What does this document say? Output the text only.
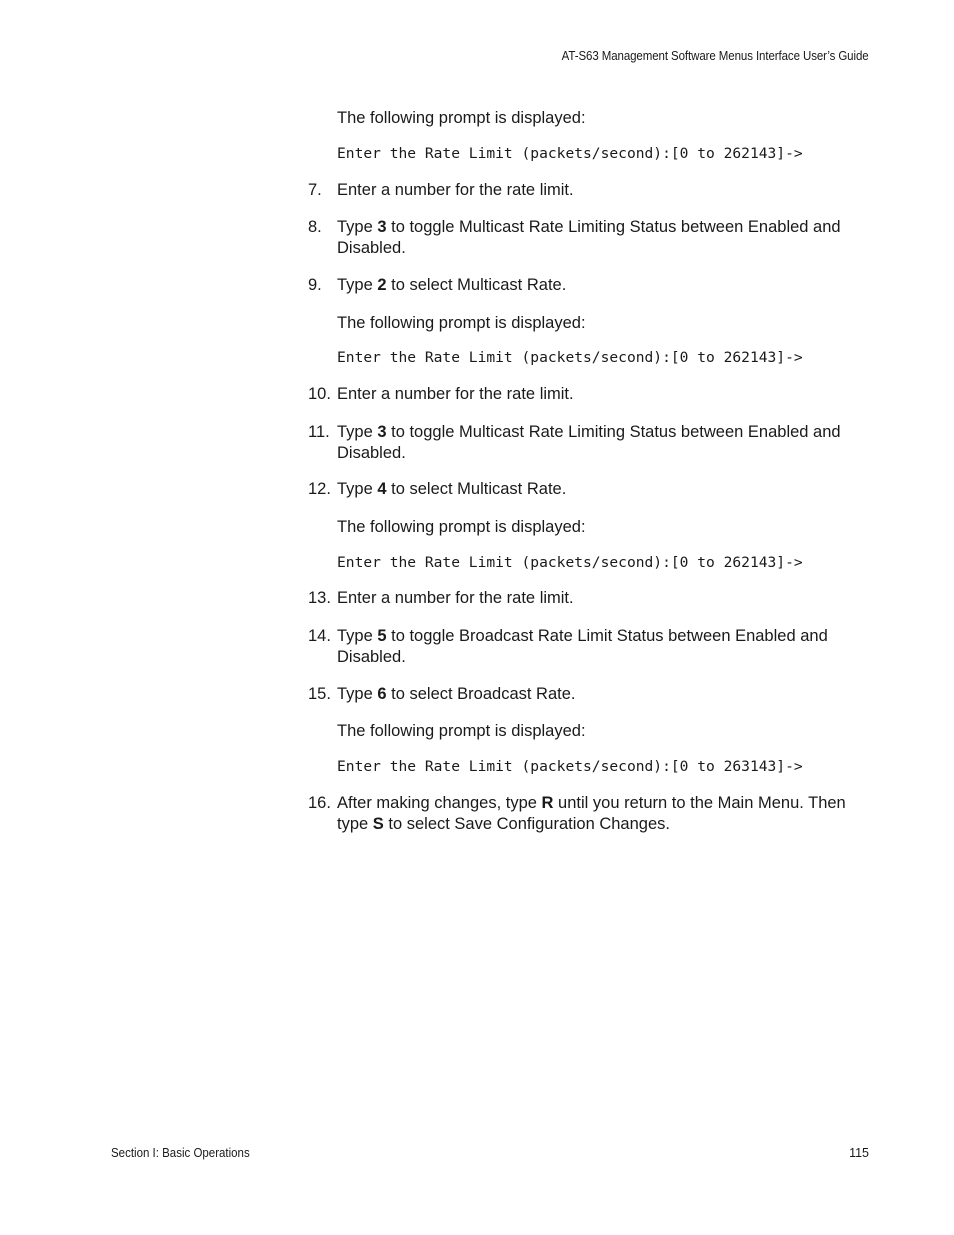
AT-S63 Management Software Menus Interface User’s Guide
The following prompt is displayed:
Enter the Rate Limit (packets/second):[0 to 262143]->
7. Enter a number for the rate limit.
8. Type 3 to toggle Multicast Rate Limiting Status between Enabled and Disabled.
9. Type 2 to select Multicast Rate.
The following prompt is displayed:
Enter the Rate Limit (packets/second):[0 to 262143]->
10. Enter a number for the rate limit.
11. Type 3 to toggle Multicast Rate Limiting Status between Enabled and Disabled.
12. Type 4 to select Multicast Rate.
The following prompt is displayed:
Enter the Rate Limit (packets/second):[0 to 262143]->
13. Enter a number for the rate limit.
14. Type 5 to toggle Broadcast Rate Limit Status between Enabled and Disabled.
15. Type 6 to select Broadcast Rate.
The following prompt is displayed:
Enter the Rate Limit (packets/second):[0 to 263143]->
16. After making changes, type R until you return to the Main Menu. Then type S to select Save Configuration Changes.
Section I: Basic Operations	115
